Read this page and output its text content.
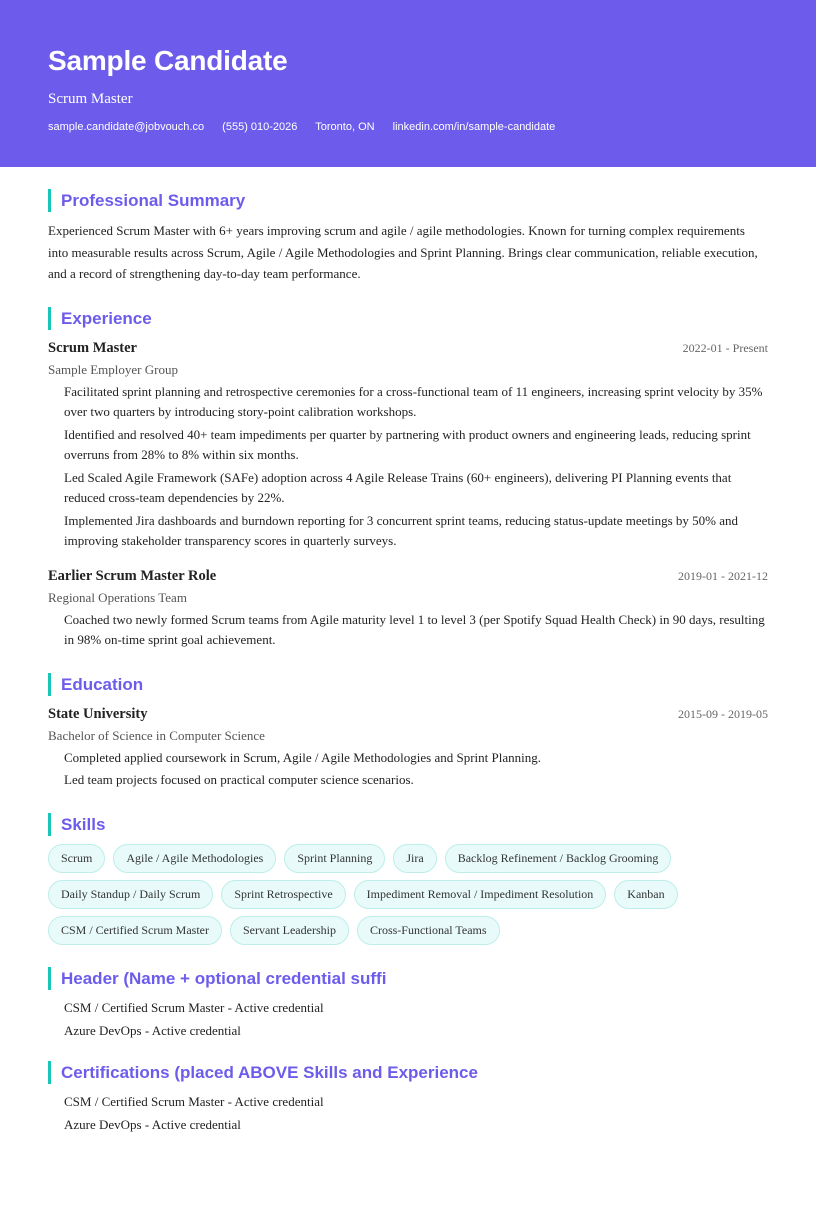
Sample Candidate
Scrum Master
sample.candidate@jobvouch.co (555) 010-2026 Toronto, ON linkedin.com/in/sample-candidate
Professional Summary

Experienced Scrum Master with 6+ years improving scrum and agile / agile methodologies. Known for turning complex requirements into measurable results across Scrum, Agile / Agile Methodologies and Sprint Planning. Brings clear communication, reliable execution, and a record of strengthening day-to-day team performance.

Experience
Scrum Master	2022-01 - Present
Sample Employer Group
Facilitated sprint planning and retrospective ceremonies for a cross-functional team of 11 engineers, increasing sprint velocity by 35% over two quarters by introducing story-point calibration workshops.
Identified and resolved 40+ team impediments per quarter by partnering with product owners and engineering leads, reducing sprint overruns from 28% to 8% within six months.
Led Scaled Agile Framework (SAFe) adoption across 4 Agile Release Trains (60+ engineers), delivering PI Planning events that reduced cross-team dependencies by 22%.
Implemented Jira dashboards and burndown reporting for 3 concurrent sprint teams, reducing status-update meetings by 50% and improving stakeholder transparency scores in quarterly surveys.
Earlier Scrum Master Role	2019-01 - 2021-12
Regional Operations Team
Coached two newly formed Scrum teams from Agile maturity level 1 to level 3 (per Spotify Squad Health Check) in 90 days, resulting in 98% on-time sprint goal achievement.
Education
State University	2015-09 - 2019-05
Bachelor of Science in Computer Science
Completed applied coursework in Scrum, Agile / Agile Methodologies and Sprint Planning.
Led team projects focused on practical computer science scenarios.
Skills
Scrum	Agile / Agile Methodologies	Sprint Planning	Jira	Backlog Refinement / Backlog Grooming
Daily Standup / Daily Scrum	Sprint Retrospective	Impediment Removal / Impediment Resolution	Kanban
CSM / Certified Scrum Master	Servant Leadership	Cross-Functional Teams
Header (Name + optional credential suffi
CSM / Certified Scrum Master - Active credential
Azure DevOps - Active credential
Certifications (placed ABOVE Skills and Experience
CSM / Certified Scrum Master - Active credential
Azure DevOps - Active credential
